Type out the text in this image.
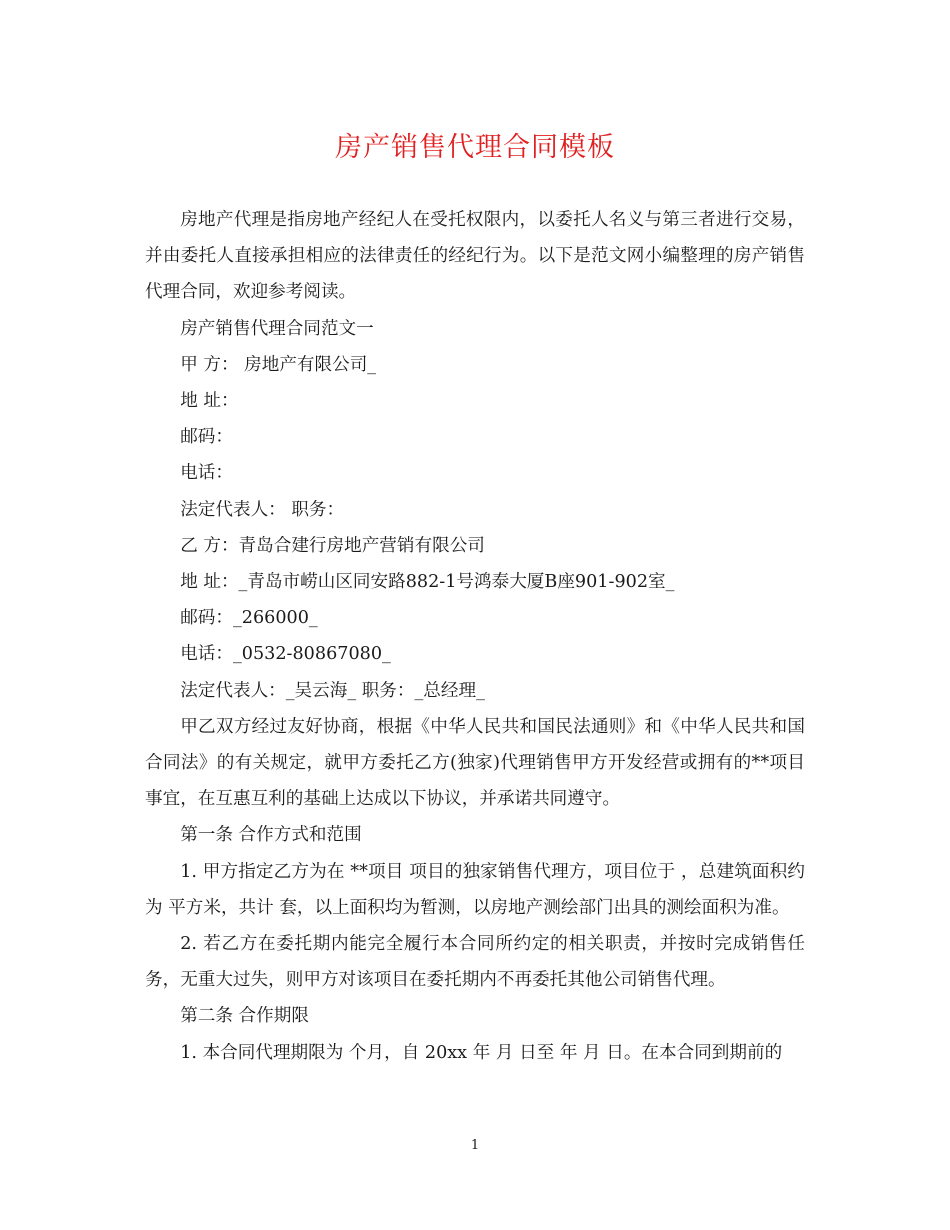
房产销售代理合同模板

房地产代理是指房地产经纪人在受托权限内，以委托人名义与第三者进行交易，并由委托人直接承担相应的法律责任的经纪行为。以下是范文网小编整理的房产销售代理合同，欢迎参考阅读。

房产销售代理合同范文一

甲 方： 房地产有限公司_

地 址：

邮码：

电话：

法定代表人： 职务：

乙 方：青岛合建行房地产营销有限公司

地 址：_青岛市崂山区同安路882-1号鸿泰大厦B座901-902室_

邮码：_266000_

电话：_0532-80867080_

法定代表人：_吴云海_ 职务：_总经理_

甲乙双方经过友好协商，根据《中华人民共和国民法通则》和《中华人民共和国合同法》的有关规定，就甲方委托乙方(独家)代理销售甲方开发经营或拥有的**项目事宜，在互惠互利的基础上达成以下协议，并承诺共同遵守。

第一条 合作方式和范围

1. 甲方指定乙方为在 **项目 项目的独家销售代理方，项目位于 ，总建筑面积约为 平方米，共计 套，以上面积均为暂测，以房地产测绘部门出具的测绘面积为准。

2. 若乙方在委托期内能完全履行本合同所约定的相关职责，并按时完成销售任务，无重大过失，则甲方对该项目在委托期内不再委托其他公司销售代理。

第二条 合作期限

1. 本合同代理期限为 个月，自 20xx 年 月 日至 年 月 日。在本合同到期前的

1
